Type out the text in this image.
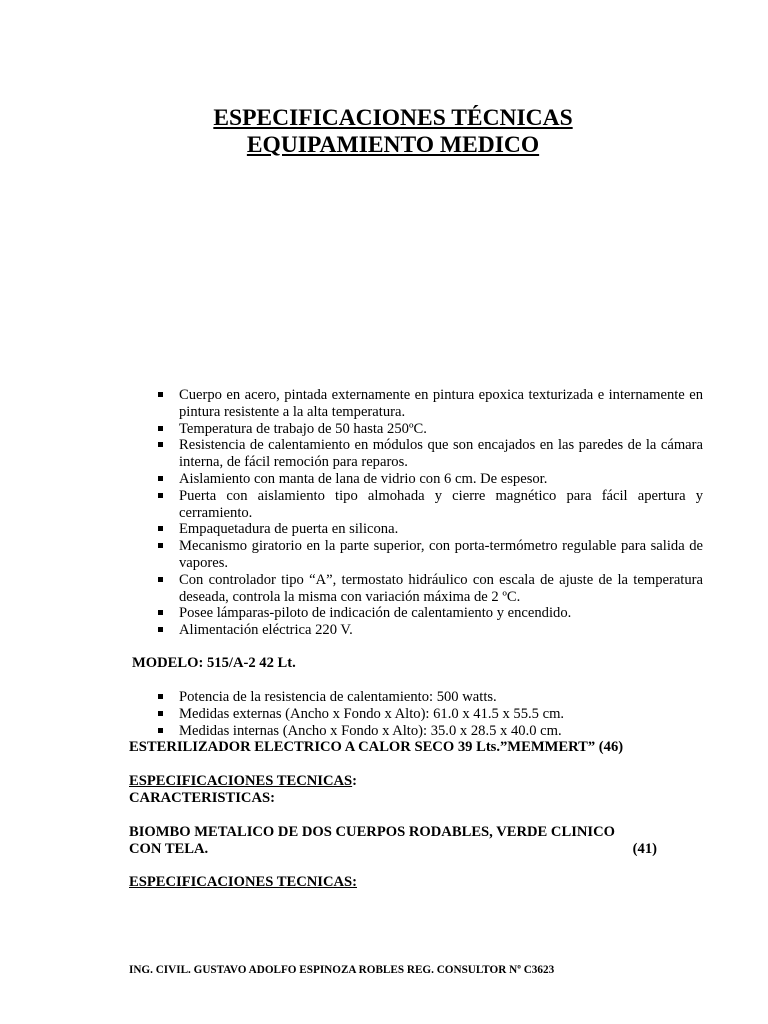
ESPECIFICACIONES TÉCNICAS
EQUIPAMIENTO MEDICO
Cuerpo en acero, pintada externamente en pintura epoxica texturizada e internamente en pintura resistente a la alta temperatura.
Temperatura de trabajo de 50 hasta 250ºC.
Resistencia de calentamiento en módulos que son encajados en las paredes de la cámara interna, de fácil remoción para reparos.
Aislamiento con manta de lana de vidrio con 6 cm. De espesor.
Puerta con aislamiento tipo almohada y cierre magnético para fácil apertura y cerramiento.
Empaquetadura de puerta en silicona.
Mecanismo giratorio en la parte superior, con porta-termómetro regulable para salida de vapores.
Con controlador tipo “A”, termostato hidráulico con escala de ajuste de la temperatura deseada, controla la misma con variación máxima de 2 ºC.
Posee lámparas-piloto de indicación de calentamiento y encendido.
Alimentación eléctrica 220 V.

MODELO: 515/A-2 42 Lt.

Potencia de la resistencia de calentamiento: 500 watts.
Medidas externas (Ancho x Fondo x Alto): 61.0 x 41.5 x 55.5 cm.
Medidas internas (Ancho x Fondo x Alto): 35.0 x 28.5 x 40.0 cm.

ESTERILIZADOR ELECTRICO A CALOR SECO 39 Lts.”MEMMERT” (46)

ESPECIFICACIONES TECNICAS:

CARACTERISTICAS:

BIOMBO METALICO DE DOS CUERPOS RODABLES, VERDE CLINICO

CON TELA.	(41)

ESPECIFICACIONES TECNICAS:

ING. CIVIL. GUSTAVO ADOLFO ESPINOZA ROBLES REG. CONSULTOR Nº C3623
